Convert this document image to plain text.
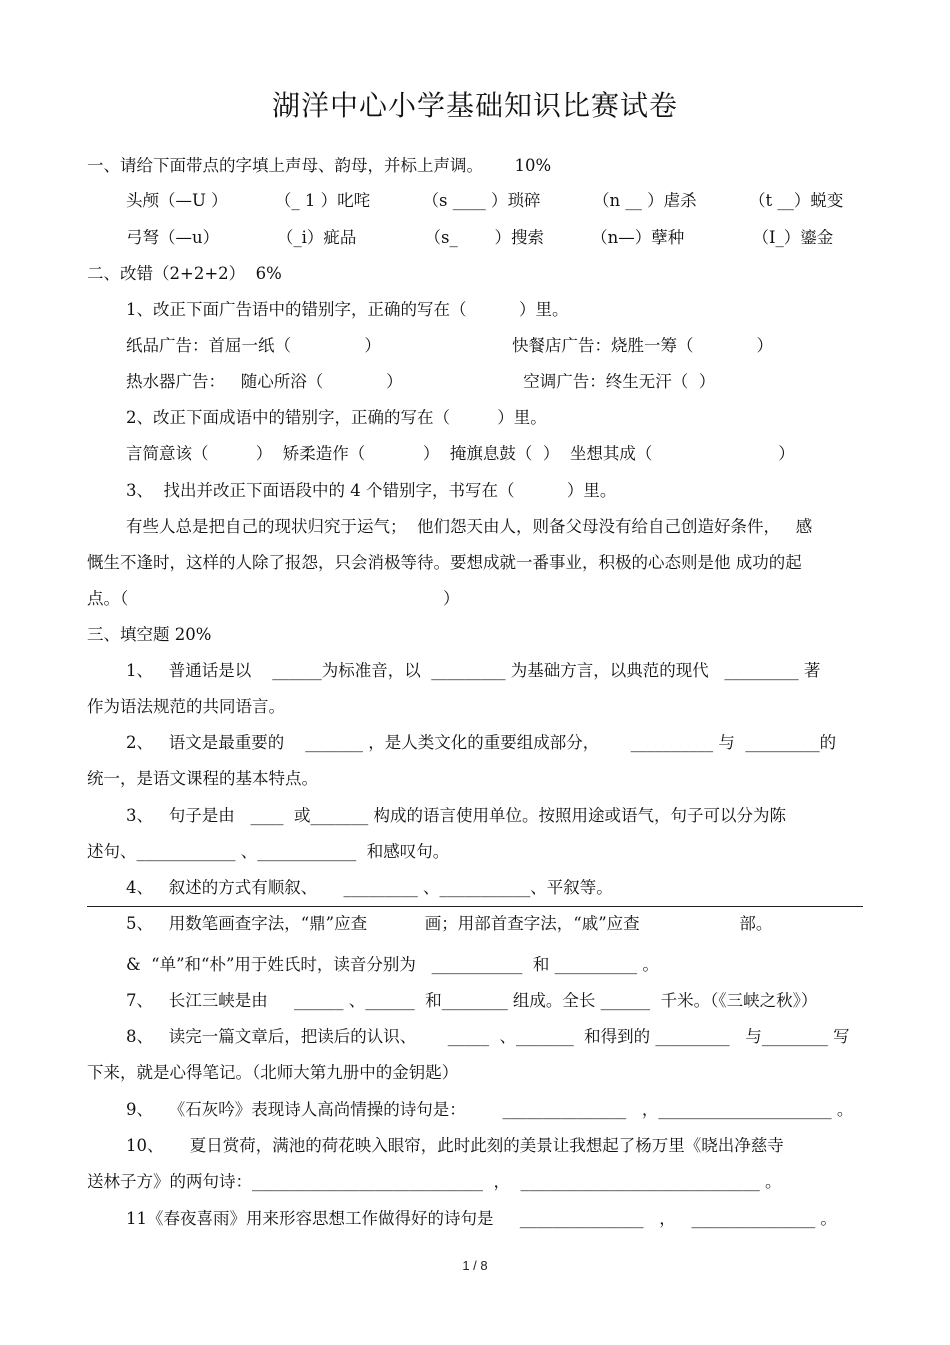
湖洋中心小学基础知识比赛试卷
一、请给下面带点的字填上声母、韵母，并标上声调。      10%
头颅（—U ）         （_ 1 ）叱咤          （s ____ ）琐碎          （n __ ）虐杀          （t __）蜕变
弓弩（—u）           （_i）疵品             （s_       ）搜索         （n—）孽种             （I_）鎏金
二、改错（2+2+2）  6%
1、改正下面广告语中的错别字，正确的写在（          ）里。
纸品广告：首屈一纸（              ）                         快餐店广告：烧胜一筹（            ）
热水器广告：   随心所浴（            ）                       空调广告：终生无汗（  ）
2、改正下面成语中的错别字，正确的写在（         ）里。
言简意该（         ）  矫柔造作（           ）  掩旗息鼓（  ）  坐想其成（                        ）
3、  找出并改正下面语段中的 4 个错别字，书写在（          ）里。
有些人总是把自己的现状归究于运气；  他们怨天由人，则备父母没有给自己创造好条件，   感
慨生不逢时，这样的人除了报怨，只会消极等待。要想成就一番事业，积极的心态则是他 成功的起
点。（                                                            ）
三、填空题 20%
1、   普通话是以    ______为标准音，以  _________ 为基础方言，以典范的现代   _________ 著
作为语法规范的共同语言。
2、   语文是最重要的    _______ ，是人类文化的重要组成部分，      __________ 与  _________的
统一，是语文课程的基本特点。
3、   句子是由   ____  或_______ 构成的语言使用单位。按照用途或语气，句子可以分为陈
述句、____________ 、____________  和感叹句。
4、   叙述的方式有顺叙、     _________ 、___________、平叙等。
5、   用数笔画查字法，“鼎”应查           画；用部首查字法，“戚”应查                   部。
&  “单”和“朴”用于姓氏时，读音分别为   ___________  和 __________ 。
7、   长江三峡是由     ______ 、______  和________ 组成。全长 ______  千米。（《三峡之秋》）
8、   读完一篇文章后，把读后的认识、      _____  、_______  和得到的 _________   与________ 写
下来，就是心得笔记。（北师大第九册中的金钥匙）
9、   《石灰吟》表现诗人高尚情操的诗句是：       _______________   ，_____________________ 。
10、     夏日赏荷，满池的荷花映入眼帘，此时此刻的美景让我想起了杨万里《晓出净慈寺
送林子方》的两句诗：____________________________  ，  _____________________________ 。
11《春夜喜雨》用来形容思想工作做得好的诗句是     _______________   ，   _______________ 。
1 / 8
